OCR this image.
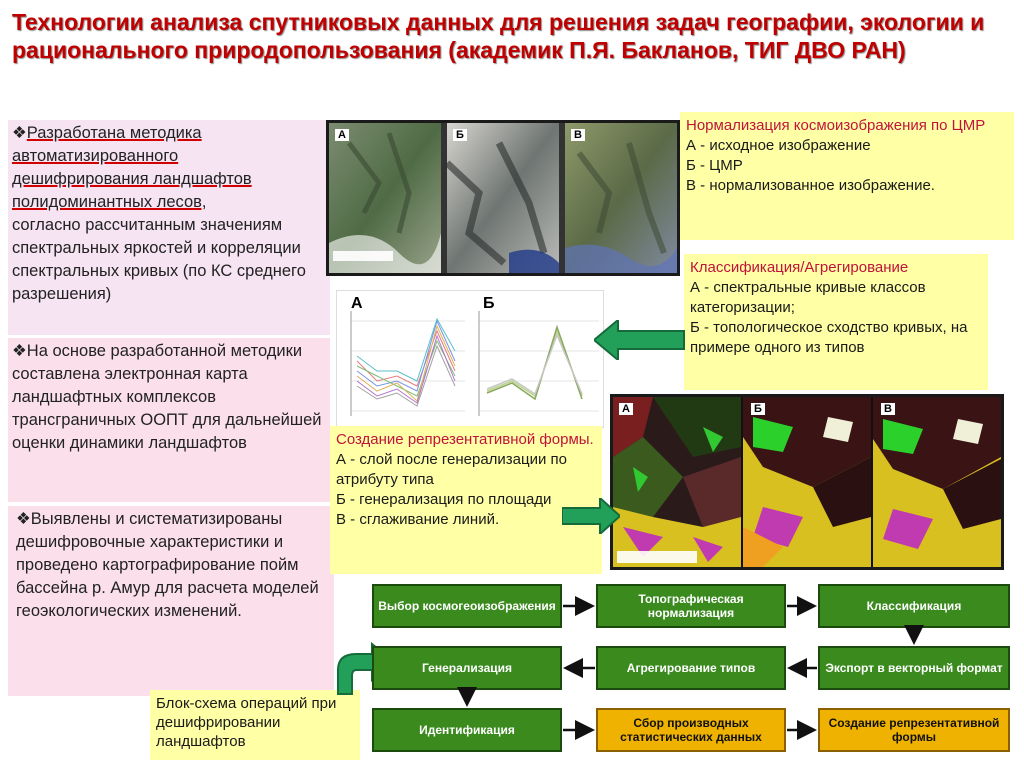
Технологии анализа спутниковых данных для решения задач географии, экологии и рационального природопользования (академик П.Я. Бакланов, ТИГ ДВО РАН)
❖Разработана методика
автоматизированного
дешифрирования ландшафтов
полидоминантных лесов,
согласно рассчитанным значениям спектральных яркостей и корреляции спектральных кривых (по КС среднего разрешения)
❖На основе разработанной методики составлена электронная карта ландшафтных комплексов трансграничных ООПТ для дальнейшей оценки динамики ландшафтов
❖Выявлены и систематизированы дешифровочные характеристики и проведено картографирование пойм бассейна р. Амур для расчета моделей геоэкологических изменений.
А	Б	В
А	Б
А	Б	В
Нормализация космоизображения по ЦМР
А - исходное изображение
Б - ЦМР
В - нормализованное изображение.
Классификация/Агрегирование
А - спектральные кривые классов категоризации;
Б - топологическое сходство кривых, на примере одного из типов
Создание репрезентативной формы.
А - слой после генерализации по атрибуту типа
Б - генерализация по площади
В - сглаживание линий.
Блок-схема операций при дешифрировании ландшафтов
Выбор космогеоизображения	Топографическая нормализация	Классификация
Генерализация	Агрегирование типов	Экспорт в векторный формат
Идентификация	Сбор производных статистических данных
Создание репрезентативной формы
